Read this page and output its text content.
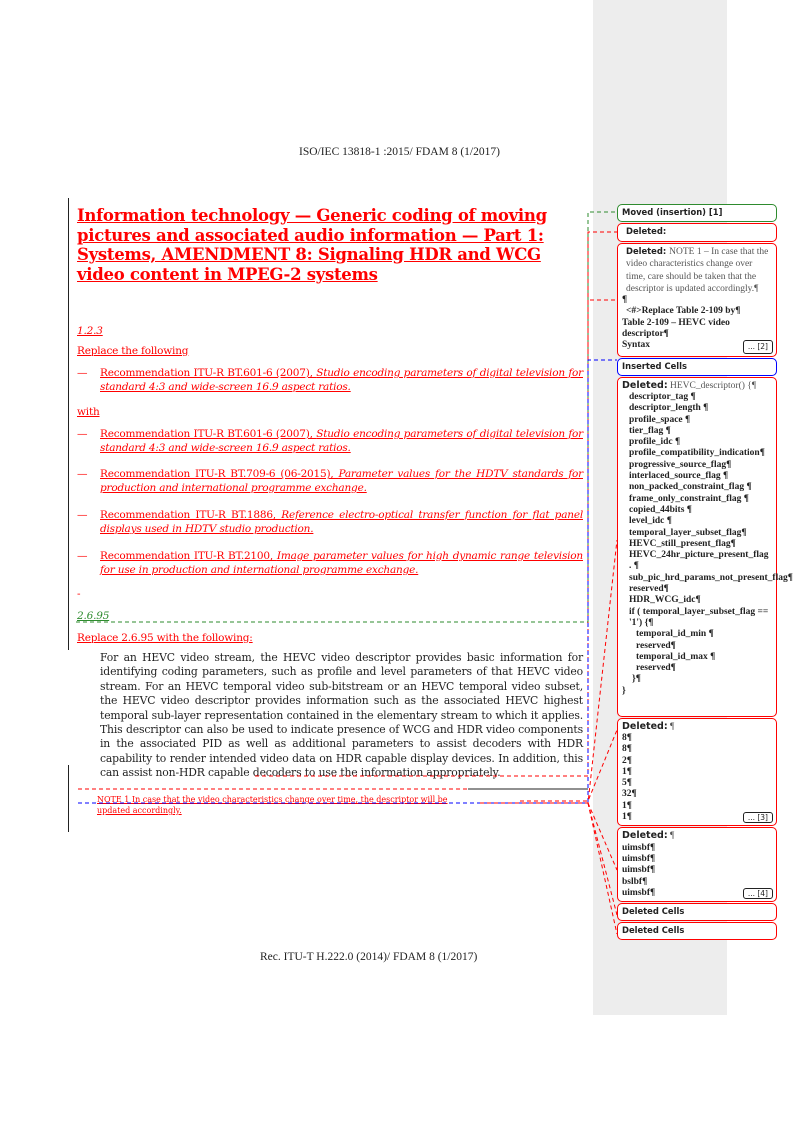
ISO/IEC 13818-1 :2015/ FDAM 8 (1/2017)
Rec. ITU-T H.222.0 (2014)/ FDAM 8 (1/2017)
Information technology — Generic coding of moving pictures and associated audio information — Part 1: Systems, AMENDMENT 8: Signaling HDR and WCG video content in MPEG-2 systems
1.2.3
Replace the following
— Recommendation ITU-R BT.601-6 (2007), Studio encoding parameters of digital television for standard 4:3 and wide-screen 16.9 aspect ratios.
with
— Recommendation ITU-R BT.601-6 (2007), Studio encoding parameters of digital television for standard 4:3 and wide-screen 16.9 aspect ratios.
— Recommendation ITU-R BT.709-6 (06-2015), Parameter values for the HDTV standards for production and international programme exchange.
— Recommendation ITU-R BT.1886, Reference electro-optical transfer function for flat panel displays used in HDTV studio production.
— Recommendation ITU-R BT.2100, Image parameter values for high dynamic range television for use in production and international programme exchange.
-
2.6.95
Replace 2.6.95 with the following:
For an HEVC video stream, the HEVC video descriptor provides basic information for identifying coding parameters, such as profile and level parameters of that HEVC video stream. For an HEVC temporal video sub-bitstream or an HEVC temporal video subset, the HEVC video descriptor provides information such as the associated HEVC highest temporal sub-layer representation contained in the elementary stream to which it applies. This descriptor can also be used to indicate presence of WCG and HDR video components in the associated PID as well as additional parameters to assist decoders with HDR capability to render intended video data on HDR capable display devices. In addition, this can assist non-HDR capable decoders to use the information appropriately.
NOTE 1 In case that the video characteristics change over time, the descriptor will be updated accordingly.
Moved (insertion) [1]
Deleted:
Deleted: NOTE 1 – In case that the video characteristics change over time, care should be taken that the descriptor is updated accordingly.¶
¶
<#>Replace Table 2-109 by¶
Table 2-109 – HEVC video descriptor¶
Syntax	... [2]
Inserted Cells
Deleted: HEVC_descriptor() {¶
descriptor_tag ¶
descriptor_length ¶
profile_space ¶
tier_flag ¶
profile_idc ¶
profile_compatibility_indication¶
progressive_source_flag¶
interlaced_source_flag ¶
non_packed_constraint_flag ¶
frame_only_constraint_flag ¶
copied_44bits ¶
level_idc ¶
temporal_layer_subset_flag¶
HEVC_still_present_flag¶
HEVC_24hr_picture_present_flag . ¶
sub_pic_hrd_params_not_present_flag¶
reserved¶
HDR_WCG_idc¶
if ( temporal_layer_subset_flag == '1') {¶
temporal_id_min ¶
reserved¶
temporal_id_max ¶
reserved¶
}¶
}
Deleted: ¶
8¶
8¶
2¶
1¶
5¶
32¶
1¶
1¶	... [3]
Deleted: ¶
uimsbf¶
uimsbf¶
uimsbf¶
bslbf¶
uimsbf¶	... [4]
Deleted Cells
Deleted Cells
